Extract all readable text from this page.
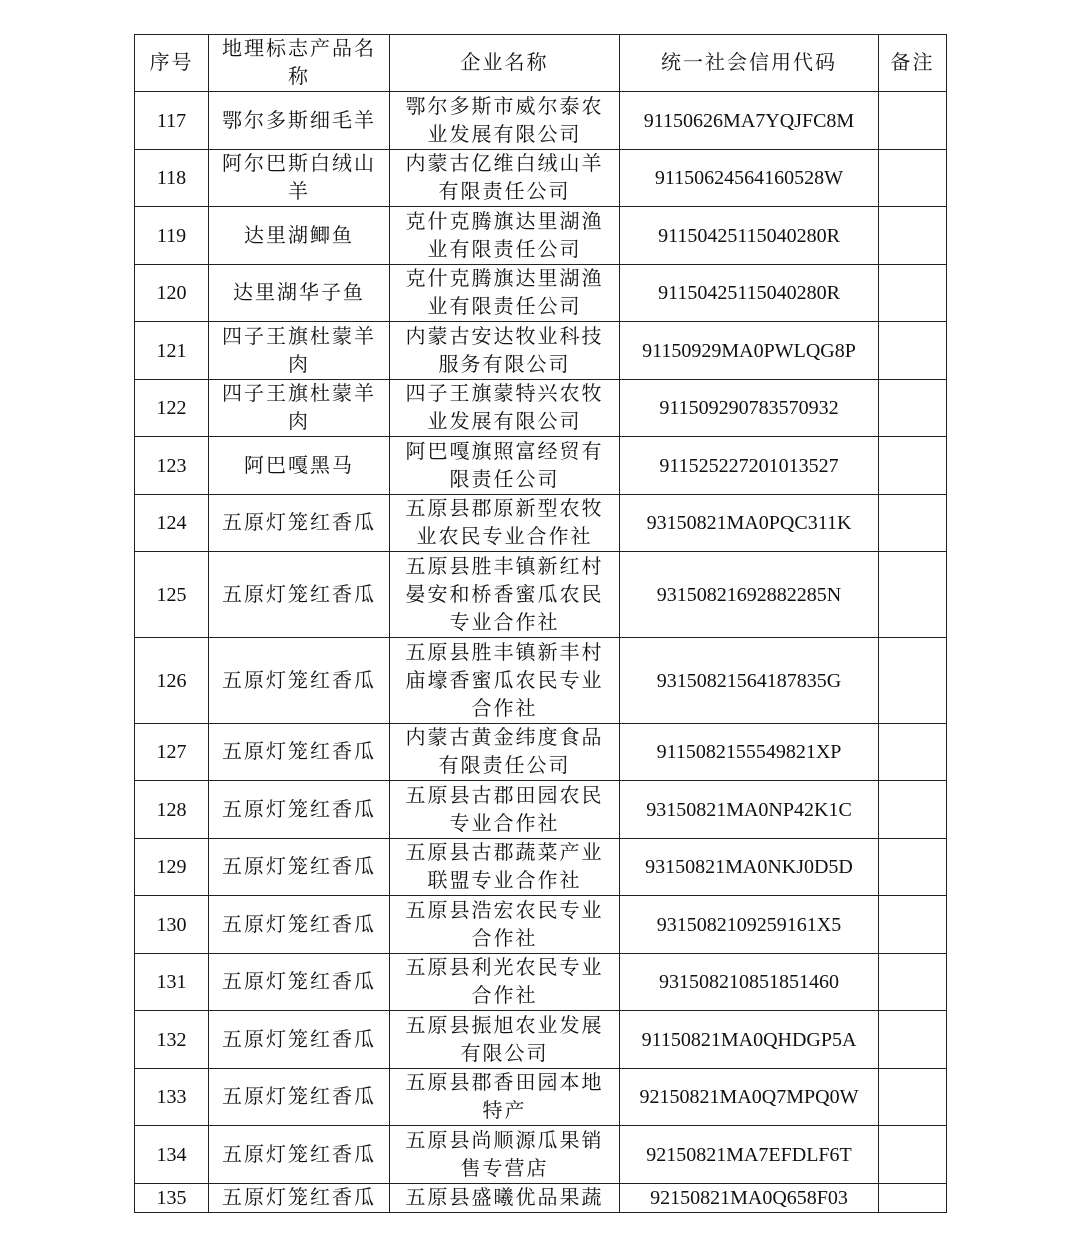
序号	地理标志产品名称	企业名称	统一社会信用代码	备注

117	鄂尔多斯细毛羊	鄂尔多斯市威尔泰农业发展有限公司	91150626MA7YQJFC8M	

118	阿尔巴斯白绒山羊	内蒙古亿维白绒山羊有限责任公司	91150624564160528W	

119	达里湖鲫鱼	克什克腾旗达里湖渔业有限责任公司	91150425115040280R	

120	达里湖华子鱼	克什克腾旗达里湖渔业有限责任公司	91150425115040280R	

121	四子王旗杜蒙羊肉	内蒙古安达牧业科技服务有限公司	91150929MA0PWLQG8P	

122	四子王旗杜蒙羊肉	四子王旗蒙特兴农牧业发展有限公司	911509290783570932	

123	阿巴嘎黑马	阿巴嘎旗照富经贸有限责任公司	911525227201013527	

124	五原灯笼红香瓜	五原县郡原新型农牧业农民专业合作社	93150821MA0PQC311K	

125	五原灯笼红香瓜	五原县胜丰镇新红村晏安和桥香蜜瓜农民专业合作社	93150821692882285N	

126	五原灯笼红香瓜	五原县胜丰镇新丰村庙壕香蜜瓜农民专业合作社	93150821564187835G	

127	五原灯笼红香瓜	内蒙古黄金纬度食品有限责任公司	9115082155549821XP	

128	五原灯笼红香瓜	五原县古郡田园农民专业合作社	93150821MA0NP42K1C	

129	五原灯笼红香瓜	五原县古郡蔬菜产业联盟专业合作社	93150821MA0NKJ0D5D	

130	五原灯笼红香瓜	五原县浩宏农民专业合作社	9315082109259161X5	

131	五原灯笼红香瓜	五原县利光农民专业合作社	931508210851851460	

132	五原灯笼红香瓜	五原县振旭农业发展有限公司	91150821MA0QHDGP5A	

133	五原灯笼红香瓜	五原县郡香田园本地特产	92150821MA0Q7MPQ0W	

134	五原灯笼红香瓜	五原县尚顺源瓜果销售专营店	92150821MA7EFDLF6T	

135	五原灯笼红香瓜	五原县盛曦优品果蔬	92150821MA0Q658F03	
